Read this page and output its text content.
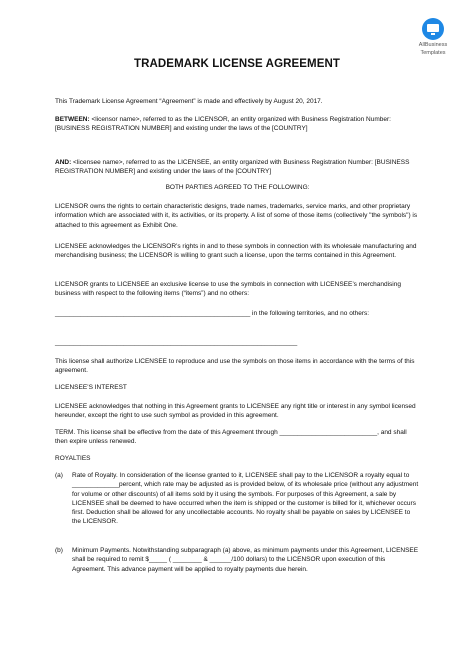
AllBusiness
Templates
TRADEMARK LICENSE AGREEMENT

This Trademark License Agreement “Agreement” is made and effectively by August 20, 2017.

BETWEEN: <licensor name>, referred to as the LICENSOR, an entity organized with Business Registration Number: [BUSINESS REGISTRATION NUMBER] and existing under the laws of the [COUNTRY]

AND: <licensee name>, referred to as the LICENSEE, an entity organized with Business Registration Number: [BUSINESS REGISTRATION NUMBER] and existing under the laws of the [COUNTRY]

BOTH PARTIES AGREED TO THE FOLLOWING:

LICENSOR owns the rights to certain characteristic designs, trade names, trademarks, service marks, and other proprietary information which are associated with it, its activities, or its property. A list of some of those items (collectively "the symbols") is attached to this agreement as Exhibit One.

LICENSEE acknowledges the LICENSOR’s rights in and to these symbols in connection with its wholesale manufacturing and merchandising business; the LICENSOR is willing to grant such a license, upon the terms contained in this Agreement.

LICENSOR grants to LICENSEE an exclusive license to use the symbols in connection with LICENSEE’s merchandising business with respect to the following items (“items”) and no others:

______________________________________________________ in the following territories, and no others:

___________________________________________________________________

This license shall authorize LICENSEE to reproduce and use the symbols on those items in accordance with the terms of this agreement.

LICENSEE’S INTEREST

LICENSEE acknowledges that nothing in this Agreement grants to LICENSEE any right title or interest in any symbol licensed hereunder, except the right to use such symbol as provided in this agreement.

TERM. This license shall be effective from the date of this Agreement through ___________________________, and shall then expire unless renewed.

ROYALTIES

(a) Rate of Royalty. In consideration of the license granted to it, LICENSEE shall pay to the LICENSOR a royalty equal to _____________percent, which rate may be adjusted as is provided below, of its wholesale price (without any adjustment for volume or other discounts) of all items sold by it using the symbols. For purposes of this Agreement, a sale by LICENSEE shall be deemed to have occurred when the item is shipped or the customer is billed for it, whichever occurs first. Deduction shall be allowed for any uncollectable accounts. No royalty shall be payable on sales by LICENSEE to the LICENSOR.

(b) Minimum Payments. Notwithstanding subparagraph (a) above, as minimum payments under this Agreement, LICENSEE shall be required to remit $_____ ( ________ & ______/100 dollars) to the LICENSOR upon execution of this Agreement. This advance payment will be applied to royalty payments due herein.
